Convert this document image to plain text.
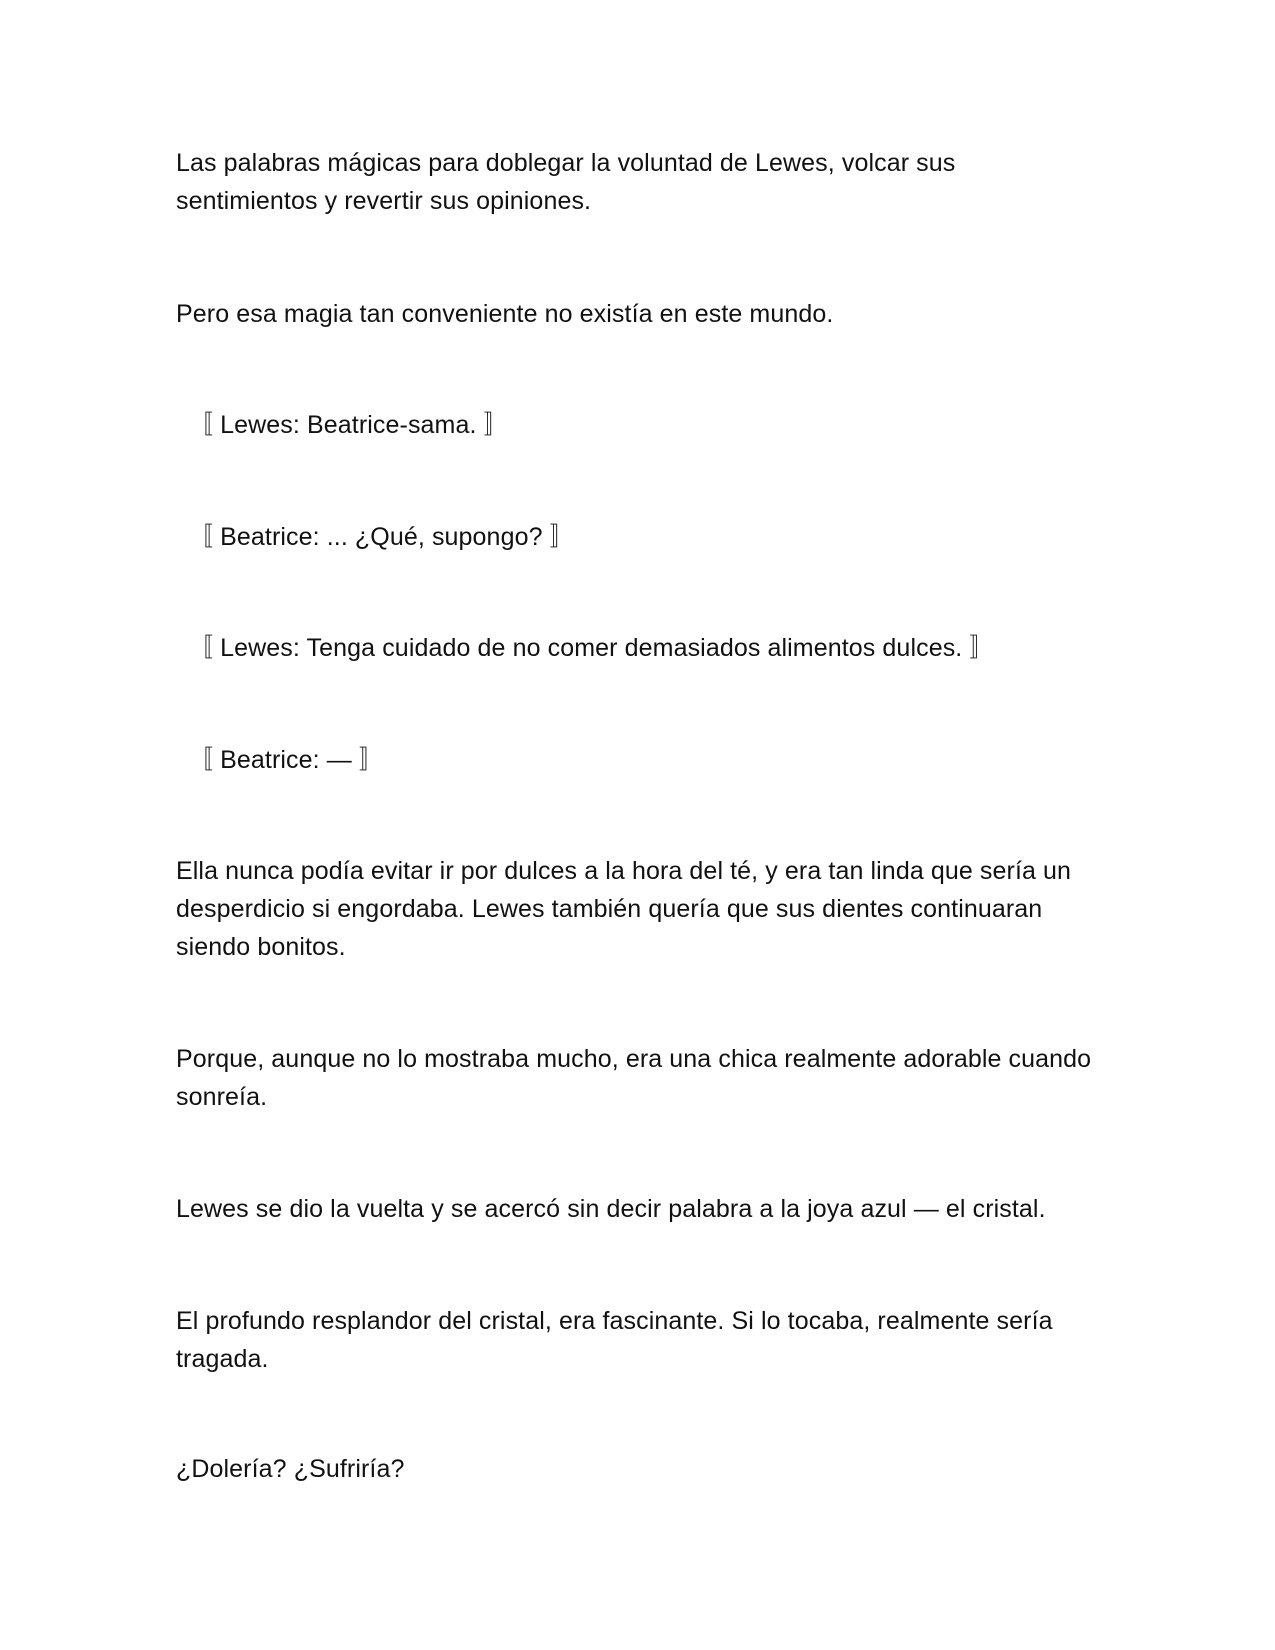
Las palabras mágicas para doblegar la voluntad de Lewes, volcar sus sentimientos y revertir sus opiniones.

Pero esa magia tan conveniente no existía en este mundo.

〚 Lewes: Beatrice-sama. 〛

〚 Beatrice: ... ¿Qué, supongo? 〛

〚 Lewes: Tenga cuidado de no comer demasiados alimentos dulces. 〛

〚 Beatrice: — 〛

Ella nunca podía evitar ir por dulces a la hora del té, y era tan linda que sería un desperdicio si engordaba. Lewes también quería que sus dientes continuaran siendo bonitos.

Porque, aunque no lo mostraba mucho, era una chica realmente adorable cuando sonreía.

Lewes se dio la vuelta y se acercó sin decir palabra a la joya azul — el cristal.

El profundo resplandor del cristal, era fascinante. Si lo tocaba, realmente sería tragada.

¿Dolería? ¿Sufriría?
